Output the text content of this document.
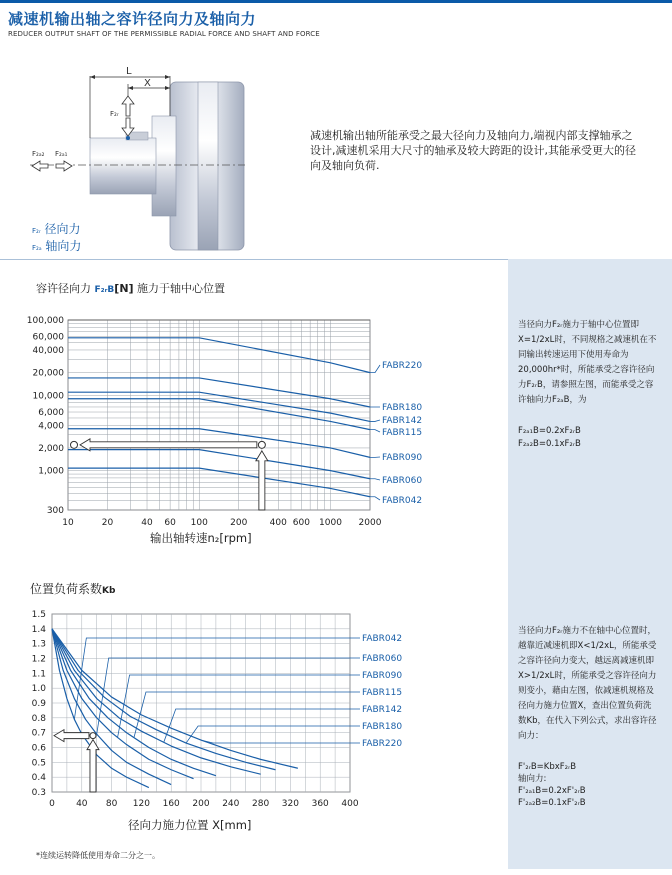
减速机输出轴之容许径向力及轴向力
REDUCER OUTPUT SHAFT OF THE PERMISSIBLE RADIAL FORCE AND SHAFT AND FORCE
L
X
F₂ᵣ
F₂ₐ₂ F₂ₐ₁
减速机输出轴所能承受之最大径向力及轴向力,端视内部支撑轴承之设计,减速机采用大尺寸的轴承及较大跨距的设计,其能承受更大的径向及轴向负荷.
F₂ᵣ 径向力
F₂ₐ 轴向力
容许径向力 F₂ᵣB[N] 施力于轴中心位置
10	20	40 60 100 200 400 600 1000 2000
300
1,000
2,000
4,000
6,000
10,000
20,000
40,000
60,000
100,000
FABR220
FABR180
FABR142
FABR115
FABR090
FABR060
FABR042
输出轴转速n₂[rpm]
当径向力F₂ᵣ施力于轴中心位置即X=1/2xL时，不同规格之减速机在不同输出转速运用下使用寿命为20,000hr*时，所能承受之容许径向力F₂ᵣB，请参照左图，而能承受之容许轴向力F₂ₐB，为
F₂ₐ₁B=0.2xF₂ᵣB
F₂ₐ₂B=0.1xF₂ᵣB
位置负荷系数Kb
0.3
0.4
0.5
0.6
0.7
0.8
0.9
1.0
1.1
1.2
1.3
1.4
1.5
0 40 80 120 160 200 240 280 320 360 400
FABR042
FABR060
FABR090
FABR115
FABR142
FABR180
FABR220
径向力施力位置 X[mm]
当径向力F₂ᵣ施力不在轴中心位置时，越靠近减速机即X<1/2xL，所能承受之容许径向力变大，越远离减速机即X>1/2xL时，所能承受之容许径向力则变小，藉由左图，依减速机规格及径向力施力位置X，查出位置负荷洗数Kb，在代入下列公式，求出容许径向力：
F'₂ᵣB=KbxF₂ᵣB
轴向力:
F'₂ₐ₁B=0.2xF'₂ᵣB
F'₂ₐ₂B=0.1xF'₂ᵣB
*连续运转降低使用寿命二分之一。
